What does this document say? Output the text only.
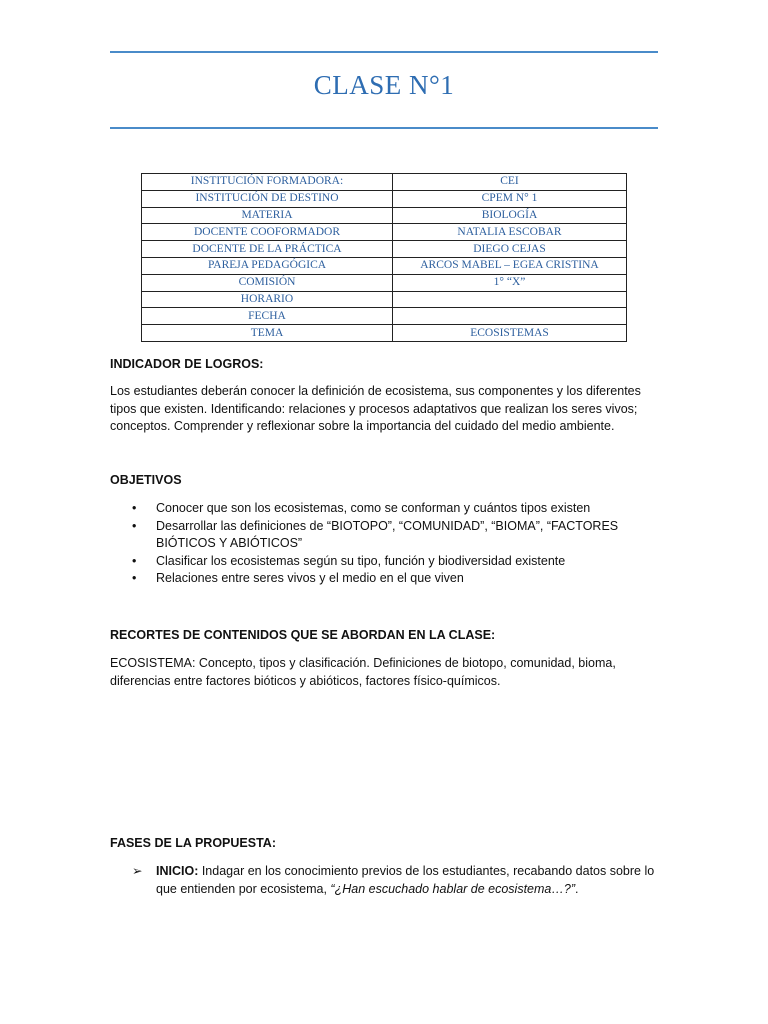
CLASE N°1
INSTITUCIÓN FORMADORA:	CEI
INSTITUCIÓN DE DESTINO	CPEM N° 1
MATERIA	BIOLOGÍA
DOCENTE COOFORMADOR	NATALIA ESCOBAR
DOCENTE DE LA PRÁCTICA	DIEGO CEJAS
PAREJA PEDAGÓGICA	ARCOS MABEL – EGEA CRISTINA
COMISIÓN	1° “X”
HORARIO	
FECHA	
TEMA	ECOSISTEMAS
INDICADOR DE LOGROS:
Los estudiantes deberán conocer la definición de ecosistema, sus componentes y los diferentes tipos que existen. Identificando: relaciones y procesos adaptativos que realizan los seres vivos; conceptos. Comprender y reflexionar sobre la importancia del cuidado del medio ambiente.
OBJETIVOS
• Conocer que son los ecosistemas, como se conforman y cuántos tipos existen
• Desarrollar las definiciones de “BIOTOPO”, “COMUNIDAD”, “BIOMA”, “FACTORES BIÓTICOS Y ABIÓTICOS”
• Clasificar los ecosistemas según su tipo, función y biodiversidad existente
• Relaciones entre seres vivos y el medio en el que viven
RECORTES DE CONTENIDOS QUE SE ABORDAN EN LA CLASE:
ECOSISTEMA: Concepto, tipos y clasificación. Definiciones de biotopo, comunidad, bioma, diferencias entre factores bióticos y abióticos, factores físico-químicos.
FASES DE LA PROPUESTA:
➢ INICIO: Indagar en los conocimiento previos de los estudiantes, recabando datos sobre lo que entienden por ecosistema, “¿Han escuchado hablar de ecosistema…?”.
